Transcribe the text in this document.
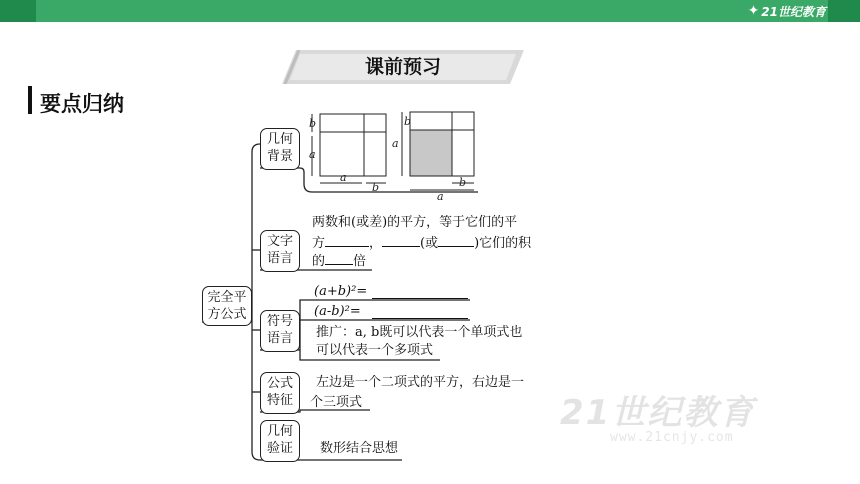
✦ 21世纪教育
课前预习
要点归纳
b
a
a
b
b
a
b
a
完全平
方公式
几何
背景
文字
语言
符号
语言
公式
特征
几何
验证
两数和(或差)的平方，等于它们的平
方	，	(或	)它们的积
的 倍
(a+b)²=
(a-b)²=
推广：a, b既可以代表一个单项式也
可以代表一个多项式
左边是一个二项式的平方，右边是一
个三项式
数形结合思想
21世纪教育
www.21cnjy.com
